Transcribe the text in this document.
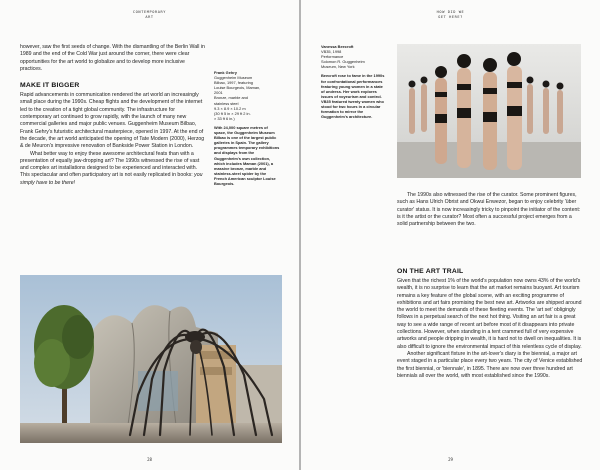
CONTEMPORARY
ART

however, saw the first seeds of change. With the dismantling of the Berlin Wall in 1989 and the end of the Cold War just around the corner, there were clear opportunities for the art world to globalize and to develop more inclusive practices.

MAKE IT BIGGER

Rapid advancements in communication rendered the art world an increasingly small place during the 1990s. Cheap flights and the development of the internet led to the creation of a tight global community. The infrastructure for contemporary art continued to grow rapidly, with the launch of many new commercial galleries and major public venues. Guggenheim Museum Bilbao, Frank Gehry's futuristic architectural masterpiece, opened in 1997. At the end of the decade, the art world anticipated the opening of Tate Modern (2000), Herzog & de Meuron's impressive renovation of Bankside Power Station in London.

What better way to enjoy these awesome architectural feats than with a presentation of equally jaw-dropping art? The 1990s witnessed the rise of vast and complex art installations designed to be experienced and interacted with. This spectacular and often participatory art is not easily replicated in books: you simply have to be there!

Frank Gehry
Guggenheim Museum
Bilbao, 1997, featuring
Louise Bourgeois, Maman,
2001
Bronze, marble and
stainless steel
9.3 × 8.9 × 10.2 m
(30 ft 5 in × 29 ft 2 in.
× 33 ft 6 in.)
With 24,000 square metres of space, the Guggenheim Museum Bilbao is one of the largest public galleries in Spain. The gallery programmes temporary exhibitions and displays from the Guggenheim's own collection, which includes Maman (2001), a massive bronze, marble and stainless-steel spider by the French American sculptor Louise Bourgeois.
28
HOW DID WE
GET HERE?
Vanessa Beecroft
VB35, 1998
Performance
Solomon R. Guggenheim
Museum, New York
Beecroft rose to fame in the 1990s for confrontational performances featuring young women in a state of undress. Her work explores issues of voyeurism and control. VB35 featured twenty women who stood for two hours in a circular formation to mirror the Guggenheim's architecture.

The 1990s also witnessed the rise of the curator. Some prominent figures, such as Hans Ulrich Obrist and Okwui Enwezor, began to enjoy celebrity 'über curator' status. It is now increasingly tricky to pinpoint the initiator of the content: is it the artist or the curator? Most often a successful project emerges from a solid partnership between the two.

ON THE ART TRAIL

Given that the richest 1% of the world's population now owns 43% of the world's wealth, it is no surprise to learn that the art market remains buoyant. Art tourism remains a key feature of the global scene, with an exciting programme of exhibitions and art fairs promising the best new art. Artworks are shipped around the world to meet the demands of these fleeting events. The 'art set' obligingly follows in a perpetual search of the next hot thing. Visiting an art fair is a great way to see a wide range of recent art before most of it disappears into private collections. However, when standing in a tent crammed full of very expensive artworks and people dripping in wealth, it is hard not to dwell on inequalities. It is also difficult to ignore the environmental impact of this relentless cycle of display.

Another significant fixture in the art-lover's diary is the biennial, a major art event staged in a particular place every two years. The city of Venice established the first biennial, or 'biennale', in 1895. There are now over three hundred art biennials all over the world, with most established since the 1990s.

29
